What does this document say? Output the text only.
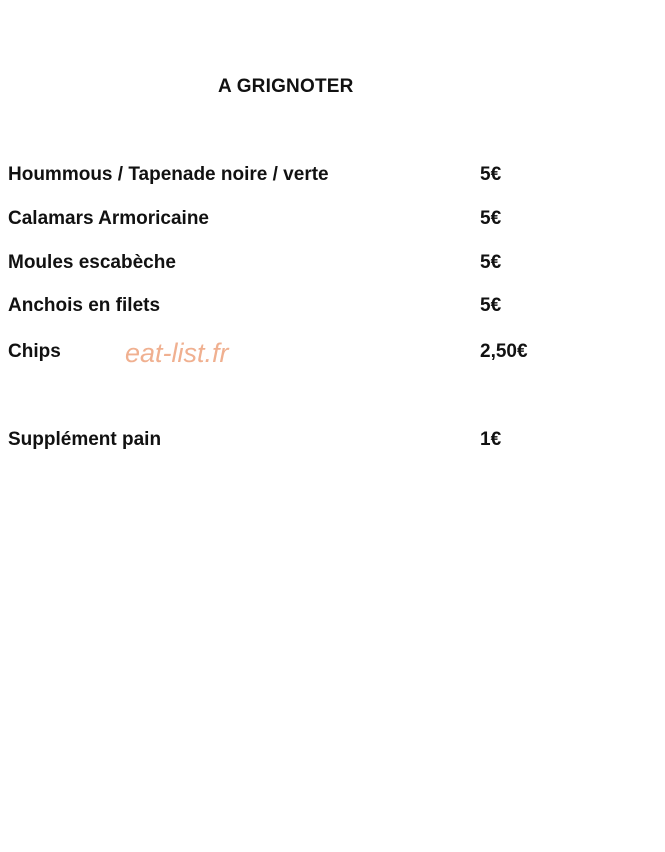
A GRIGNOTER
Hoummous / Tapenade noire / verte	5€
Calamars Armoricaine	5€
Moules escabèche	5€
Anchois en filets	5€
Chips	2,50€
eat-list.fr
Supplément pain	1€
